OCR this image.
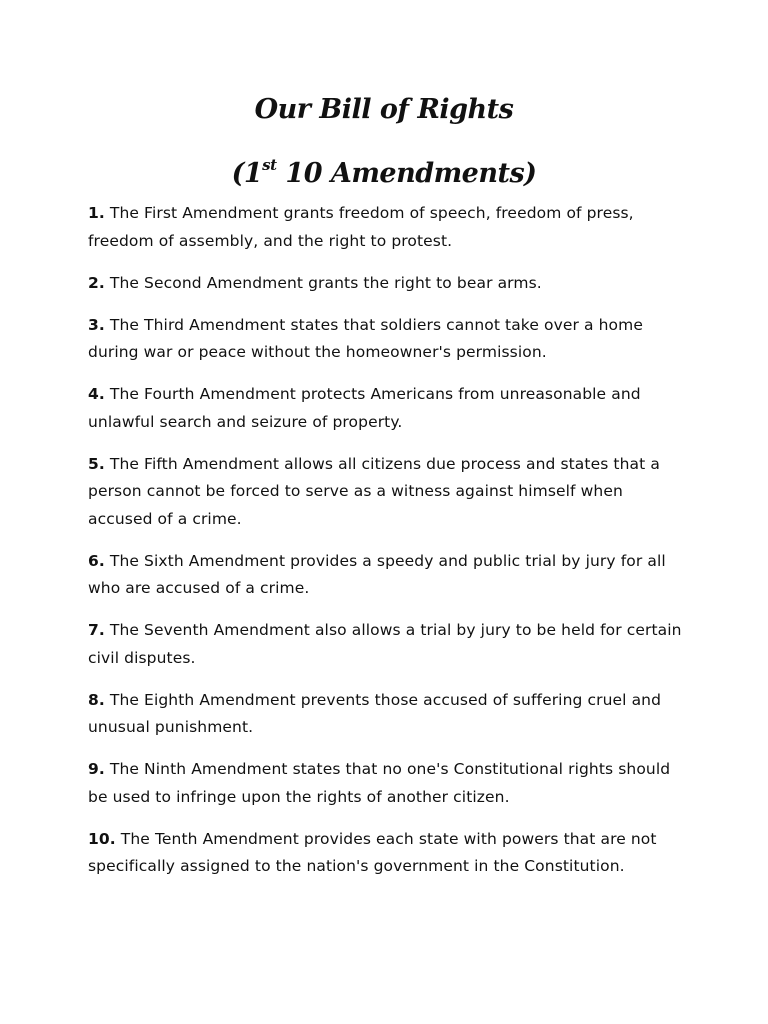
Our Bill of Rights
(1st 10 Amendments)
1. The First Amendment grants freedom of speech, freedom of press, freedom of assembly, and the right to protest.
2. The Second Amendment grants the right to bear arms.
3. The Third Amendment states that soldiers cannot take over a home during war or peace without the homeowner's permission.
4. The Fourth Amendment protects Americans from unreasonable and unlawful search and seizure of property.
5. The Fifth Amendment allows all citizens due process and states that a person cannot be forced to serve as a witness against himself when accused of a crime.
6. The Sixth Amendment provides a speedy and public trial by jury for all who are accused of a crime.
7. The Seventh Amendment also allows a trial by jury to be held for certain civil disputes.
8. The Eighth Amendment prevents those accused of suffering cruel and unusual punishment.
9. The Ninth Amendment states that no one's Constitutional rights should be used to infringe upon the rights of another citizen.
10. The Tenth Amendment provides each state with powers that are not specifically assigned to the nation's government in the Constitution.
